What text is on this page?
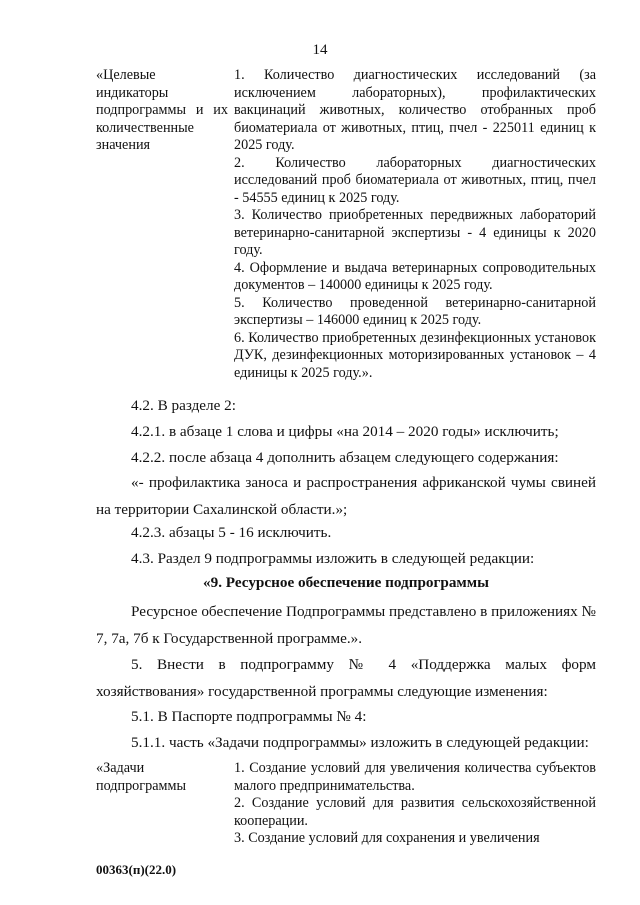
14
«Целевые индикаторы подпрограммы и их количественные значения

1. Количество диагностических исследований (за исключением лабораторных), профилактических вакцинаций животных, количество отобранных проб биоматериала от животных, птиц, пчел - 225011 единиц к 2025 году.

2. Количество лабораторных диагностических исследований проб биоматериала от животных, птиц, пчел - 54555 единиц к 2025 году.

3. Количество приобретенных передвижных лабораторий ветеринарно-санитарной экспертизы - 4 единицы к 2020 году.

4. Оформление и выдача ветеринарных сопроводительных документов – 140000 единицы к 2025 году.

5. Количество проведенной ветеринарно-санитарной экспертизы – 146000 единиц к 2025 году.

6. Количество приобретенных дезинфекционных установок ДУК, дезинфекционных моторизированных установок – 4 единицы к 2025 году.».

4.2. В разделе 2:

4.2.1. в абзаце 1 слова и цифры «на 2014 – 2020 годы» исключить;

4.2.2. после абзаца 4 дополнить абзацем следующего содержания:

«- профилактика заноса и распространения африканской чумы свиней на территории Сахалинской области.»;

4.2.3. абзацы 5 - 16 исключить.

4.3. Раздел 9 подпрограммы изложить в следующей редакции:

«9. Ресурсное обеспечение подпрограммы

Ресурсное обеспечение Подпрограммы представлено в приложениях № 7, 7а, 7б к Государственной программе.».

5. Внести в подпрограмму № 4 «Поддержка малых форм хозяйствования» государственной программы следующие изменения:

5.1. В Паспорте подпрограммы № 4:

5.1.1. часть «Задачи подпрограммы» изложить в следующей редакции:

«Задачи подпрограммы

1. Создание условий для увеличения количества субъектов малого предпринимательства.

2. Создание условий для развития сельскохозяйственной кооперации.

3. Создание условий для сохранения и увеличения

00363(п)(22.0)
